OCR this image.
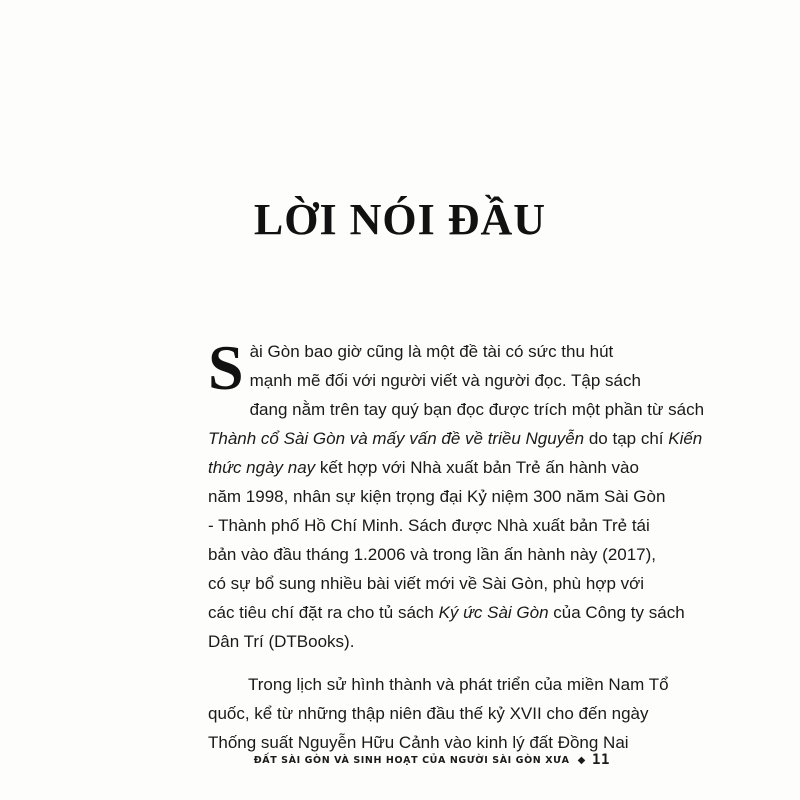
LỜI NÓI ĐẦU
S ài Gòn bao giờ cũng là một đề tài có sức thu hút
mạnh mẽ đối với người viết và người đọc. Tập sách
đang nằm trên tay quý bạn đọc được trích một phần từ sách
Thành cổ Sài Gòn và mấy vấn đề về triều Nguyễn do tạp chí Kiến
thức ngày nay kết hợp với Nhà xuất bản Trẻ ấn hành vào
năm 1998, nhân sự kiện trọng đại Kỷ niệm 300 năm Sài Gòn
- Thành phố Hồ Chí Minh. Sách được Nhà xuất bản Trẻ tái
bản vào đầu tháng 1.2006 và trong lần ấn hành này (2017),
có sự bổ sung nhiều bài viết mới về Sài Gòn, phù hợp với
các tiêu chí đặt ra cho tủ sách Ký ức Sài Gòn của Công ty sách
Dân Trí (DTBooks).
Trong lịch sử hình thành và phát triển của miền Nam Tổ
quốc, kể từ những thập niên đầu thế kỷ XVII cho đến ngày
Thống suất Nguyễn Hữu Cảnh vào kinh lý đất Đồng Nai
ĐẤT SÀI GÒN VÀ SINH HOẠT CỦA NGƯỜI SÀI GÒN XƯA ◆ 11
